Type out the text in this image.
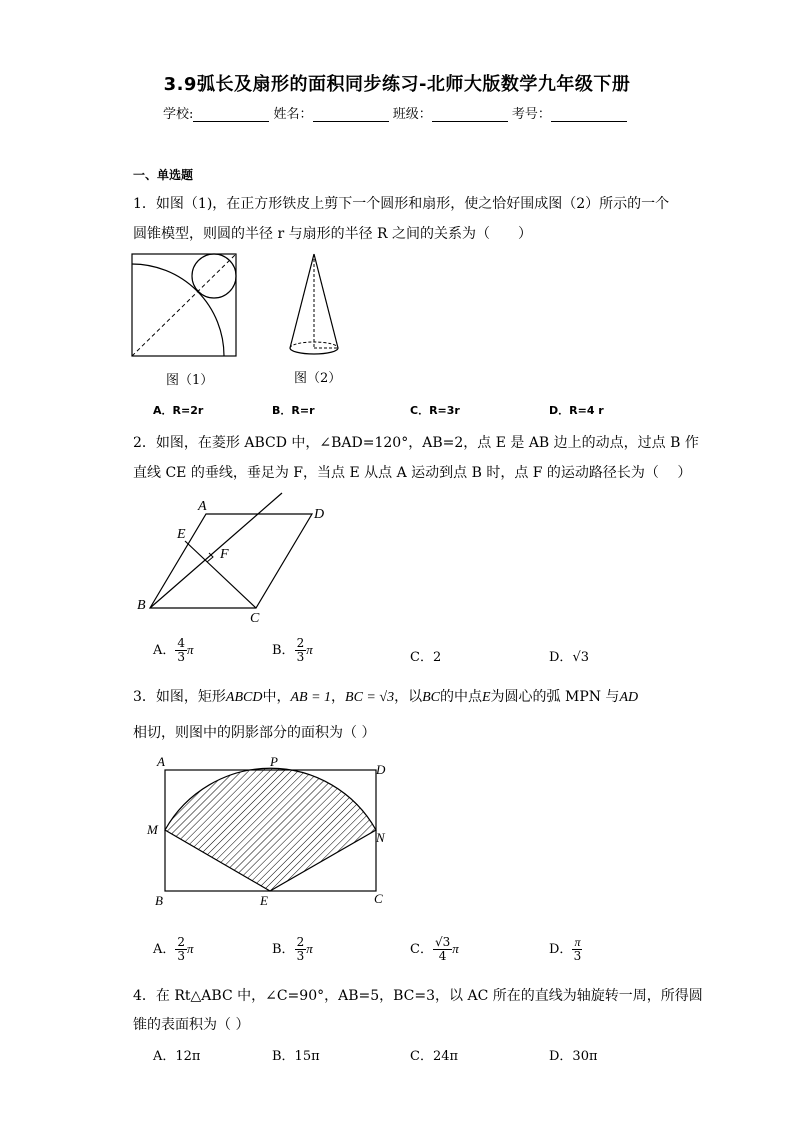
3.9弧长及扇形的面积同步练习-北师大版数学九年级下册
学校:	姓名：	班级：	考号：
一、单选题
1．如图（1)，在正方形铁皮上剪下一个圆形和扇形，使之恰好围成图（2）所示的一个
圆锥模型，则圆的半径 r 与扇形的半径 R 之间的关系为（　　）
图（1）	图（2）
A．R=2r	B．R=r	C．R=3r	D．R=4 r
2．如图，在菱形 ABCD 中，∠BAD=120°，AB=2，点 E 是 AB 边上的动点，过点 B 作
直线 CE 的垂线，垂足为 F，当点 E 从点 A 运动到点 B 时，点 F 的运动路径长为（　 ）
A
D
E
F
B
C
A． $\frac{4}{3}$ π	B． $\frac{2}{3}$ π
C．2	D．√3
3．如图，矩形ABCD中，AB = 1，BC = √3，以BC的中点E为圆心的弧 MPN 与AD
相切，则图中的阴影部分的面积为（ ）
A	P
D
M
N
B	E	C
A． $\frac{2}{3}$ π	B． $\frac{2}{3}$ π	C． $\frac{√3}{4}$ π	D． $\frac{\pi}{3}$
4．在 Rt△ABC 中，∠C=90°，AB=5，BC=3，以 AC 所在的直线为轴旋转一周，所得圆
锥的表面积为（ ）
A．12π	B．15π	C．24π	D．30π
